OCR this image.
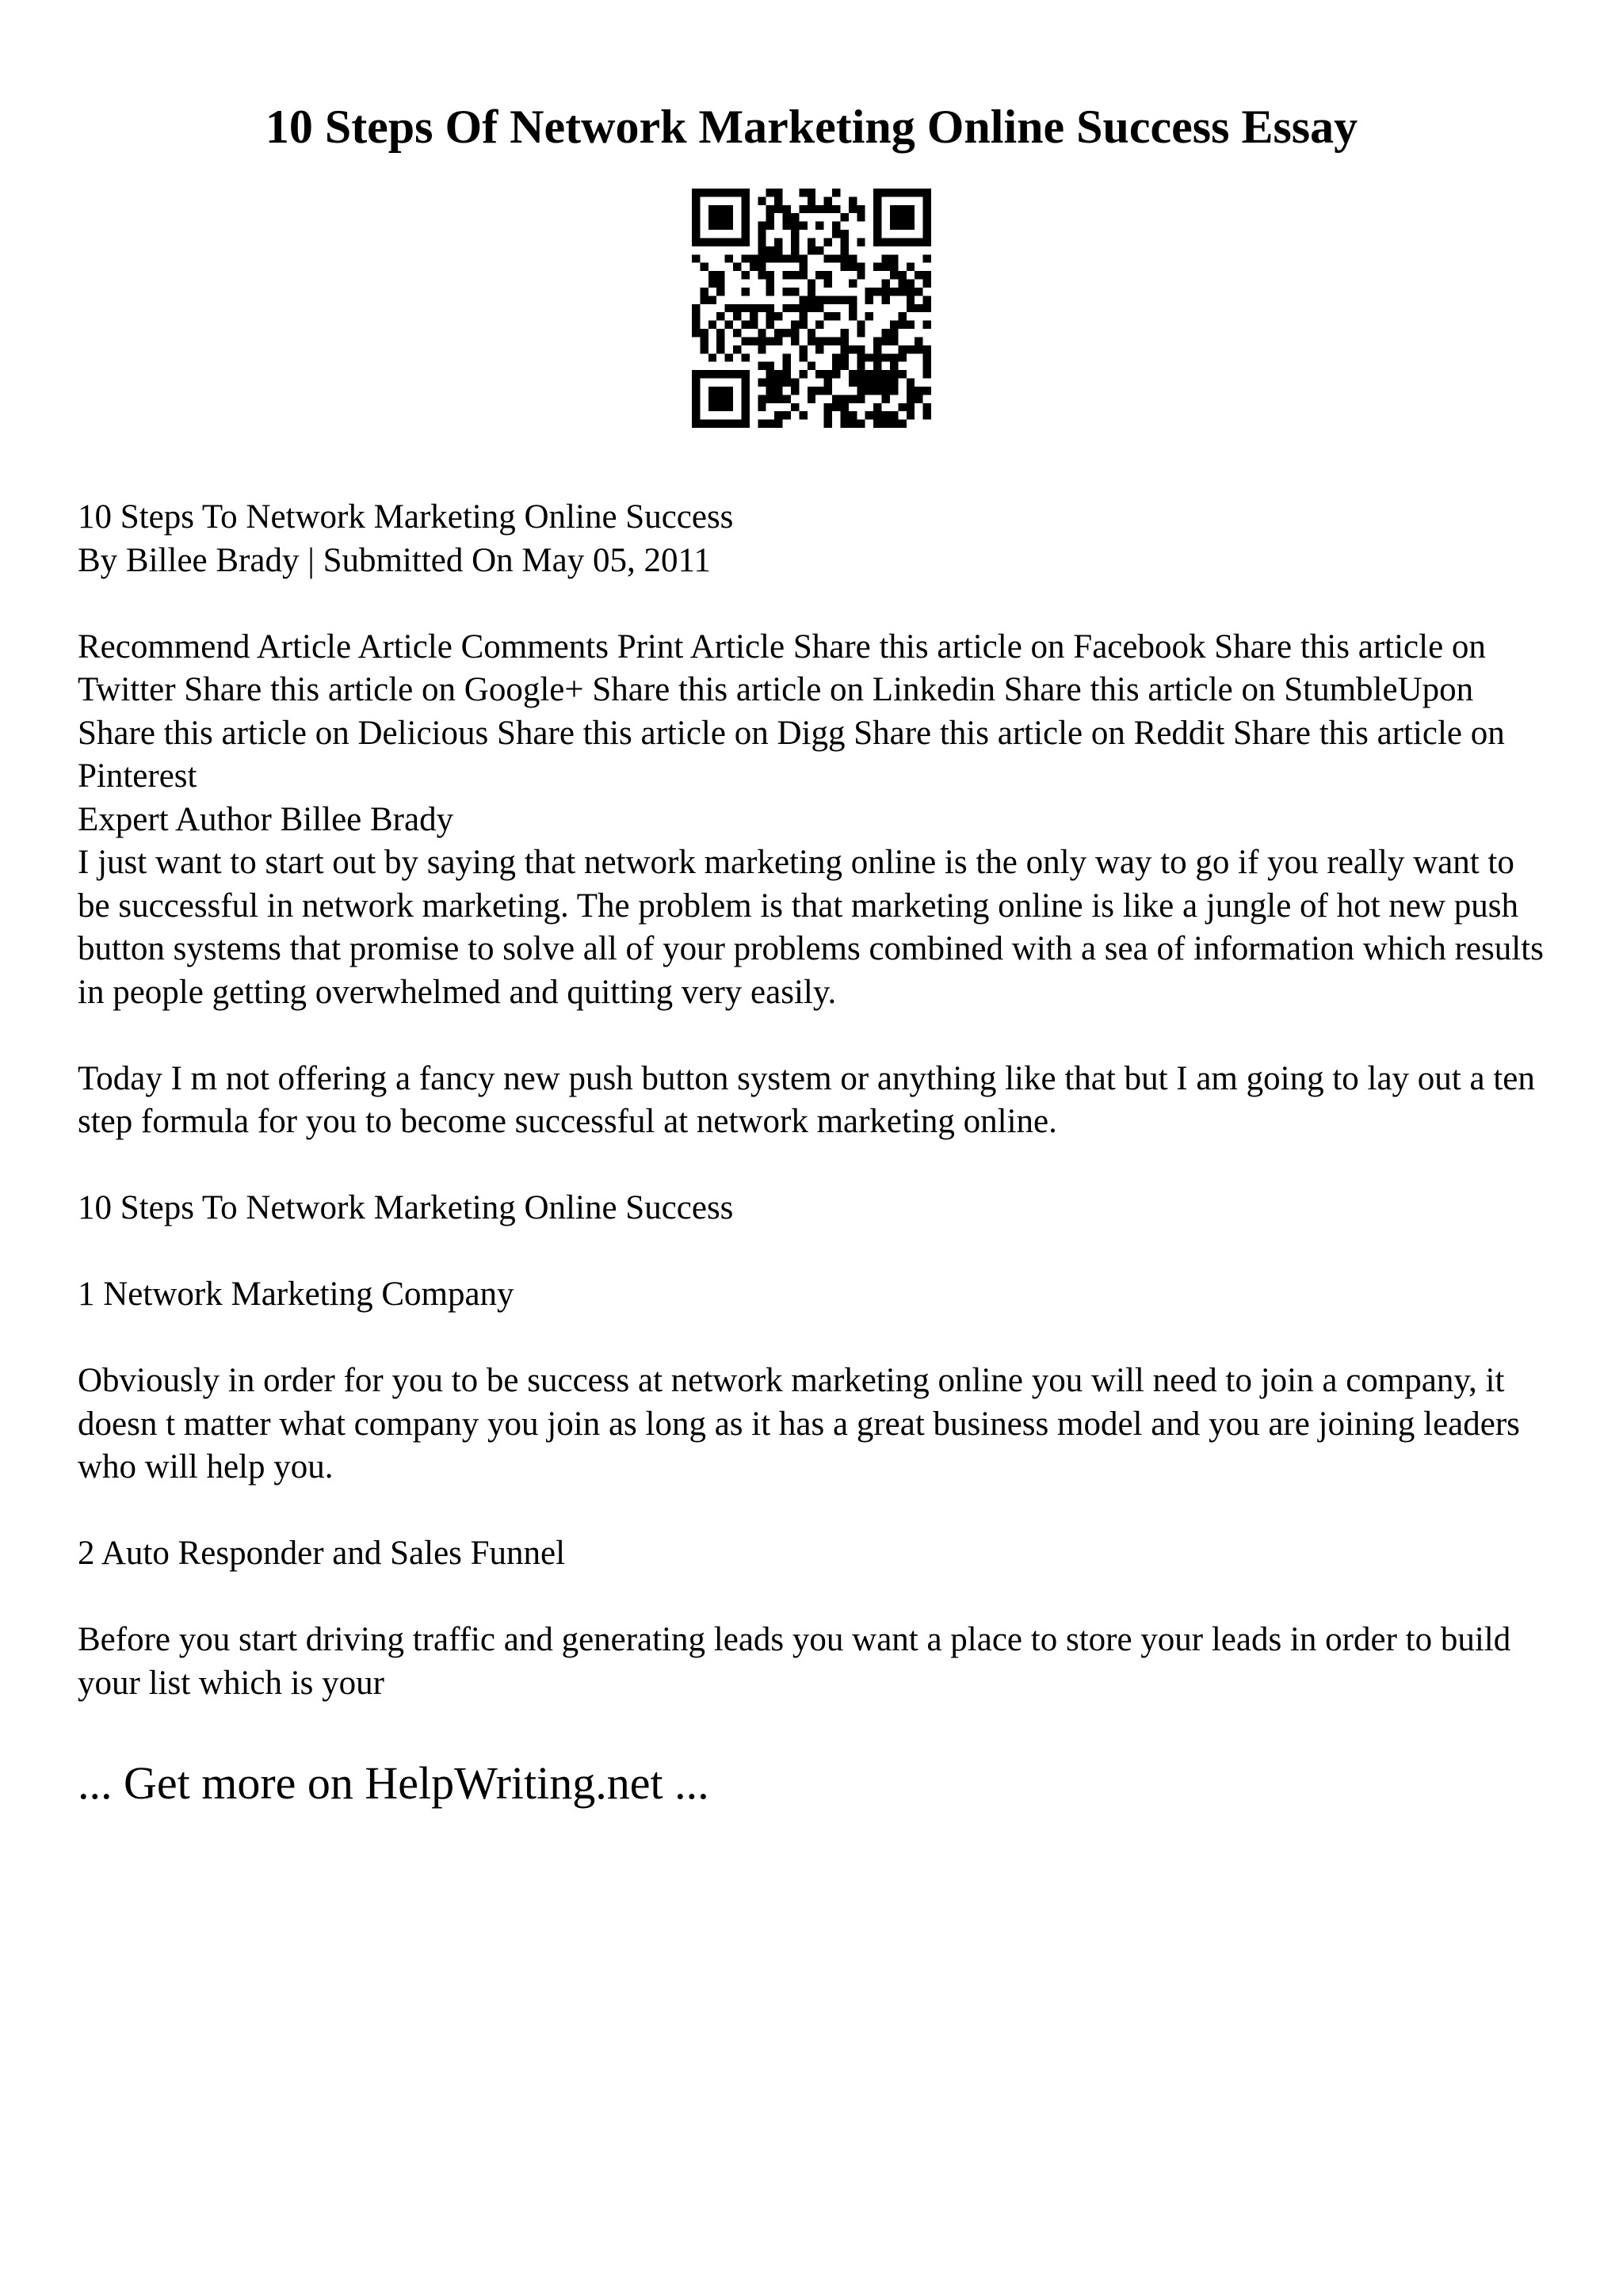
10 Steps Of Network Marketing Online Success Essay

10 Steps To Network Marketing Online Success

By Billee Brady | Submitted On May 05, 2011

Recommend Article Article Comments Print Article Share this article on Facebook Share this article on Twitter Share this article on Google+ Share this article on Linkedin Share this article on StumbleUpon Share this article on Delicious Share this article on Digg Share this article on Reddit Share this article on Pinterest

Expert Author Billee Brady

I just want to start out by saying that network marketing online is the only way to go if you really want to be successful in network marketing. The problem is that marketing online is like a jungle of hot new push button systems that promise to solve all of your problems combined with a sea of information which results in people getting overwhelmed and quitting very easily.

Today I m not offering a fancy new push button system or anything like that but I am going to lay out a ten step formula for you to become successful at network marketing online.

10 Steps To Network Marketing Online Success

1 Network Marketing Company

Obviously in order for you to be success at network marketing online you will need to join a company, it doesn t matter what company you join as long as it has a great business model and you are joining leaders who will help you.

2 Auto Responder and Sales Funnel

Before you start driving traffic and generating leads you want a place to store your leads in order to build your list which is your

... Get more on HelpWriting.net ...
